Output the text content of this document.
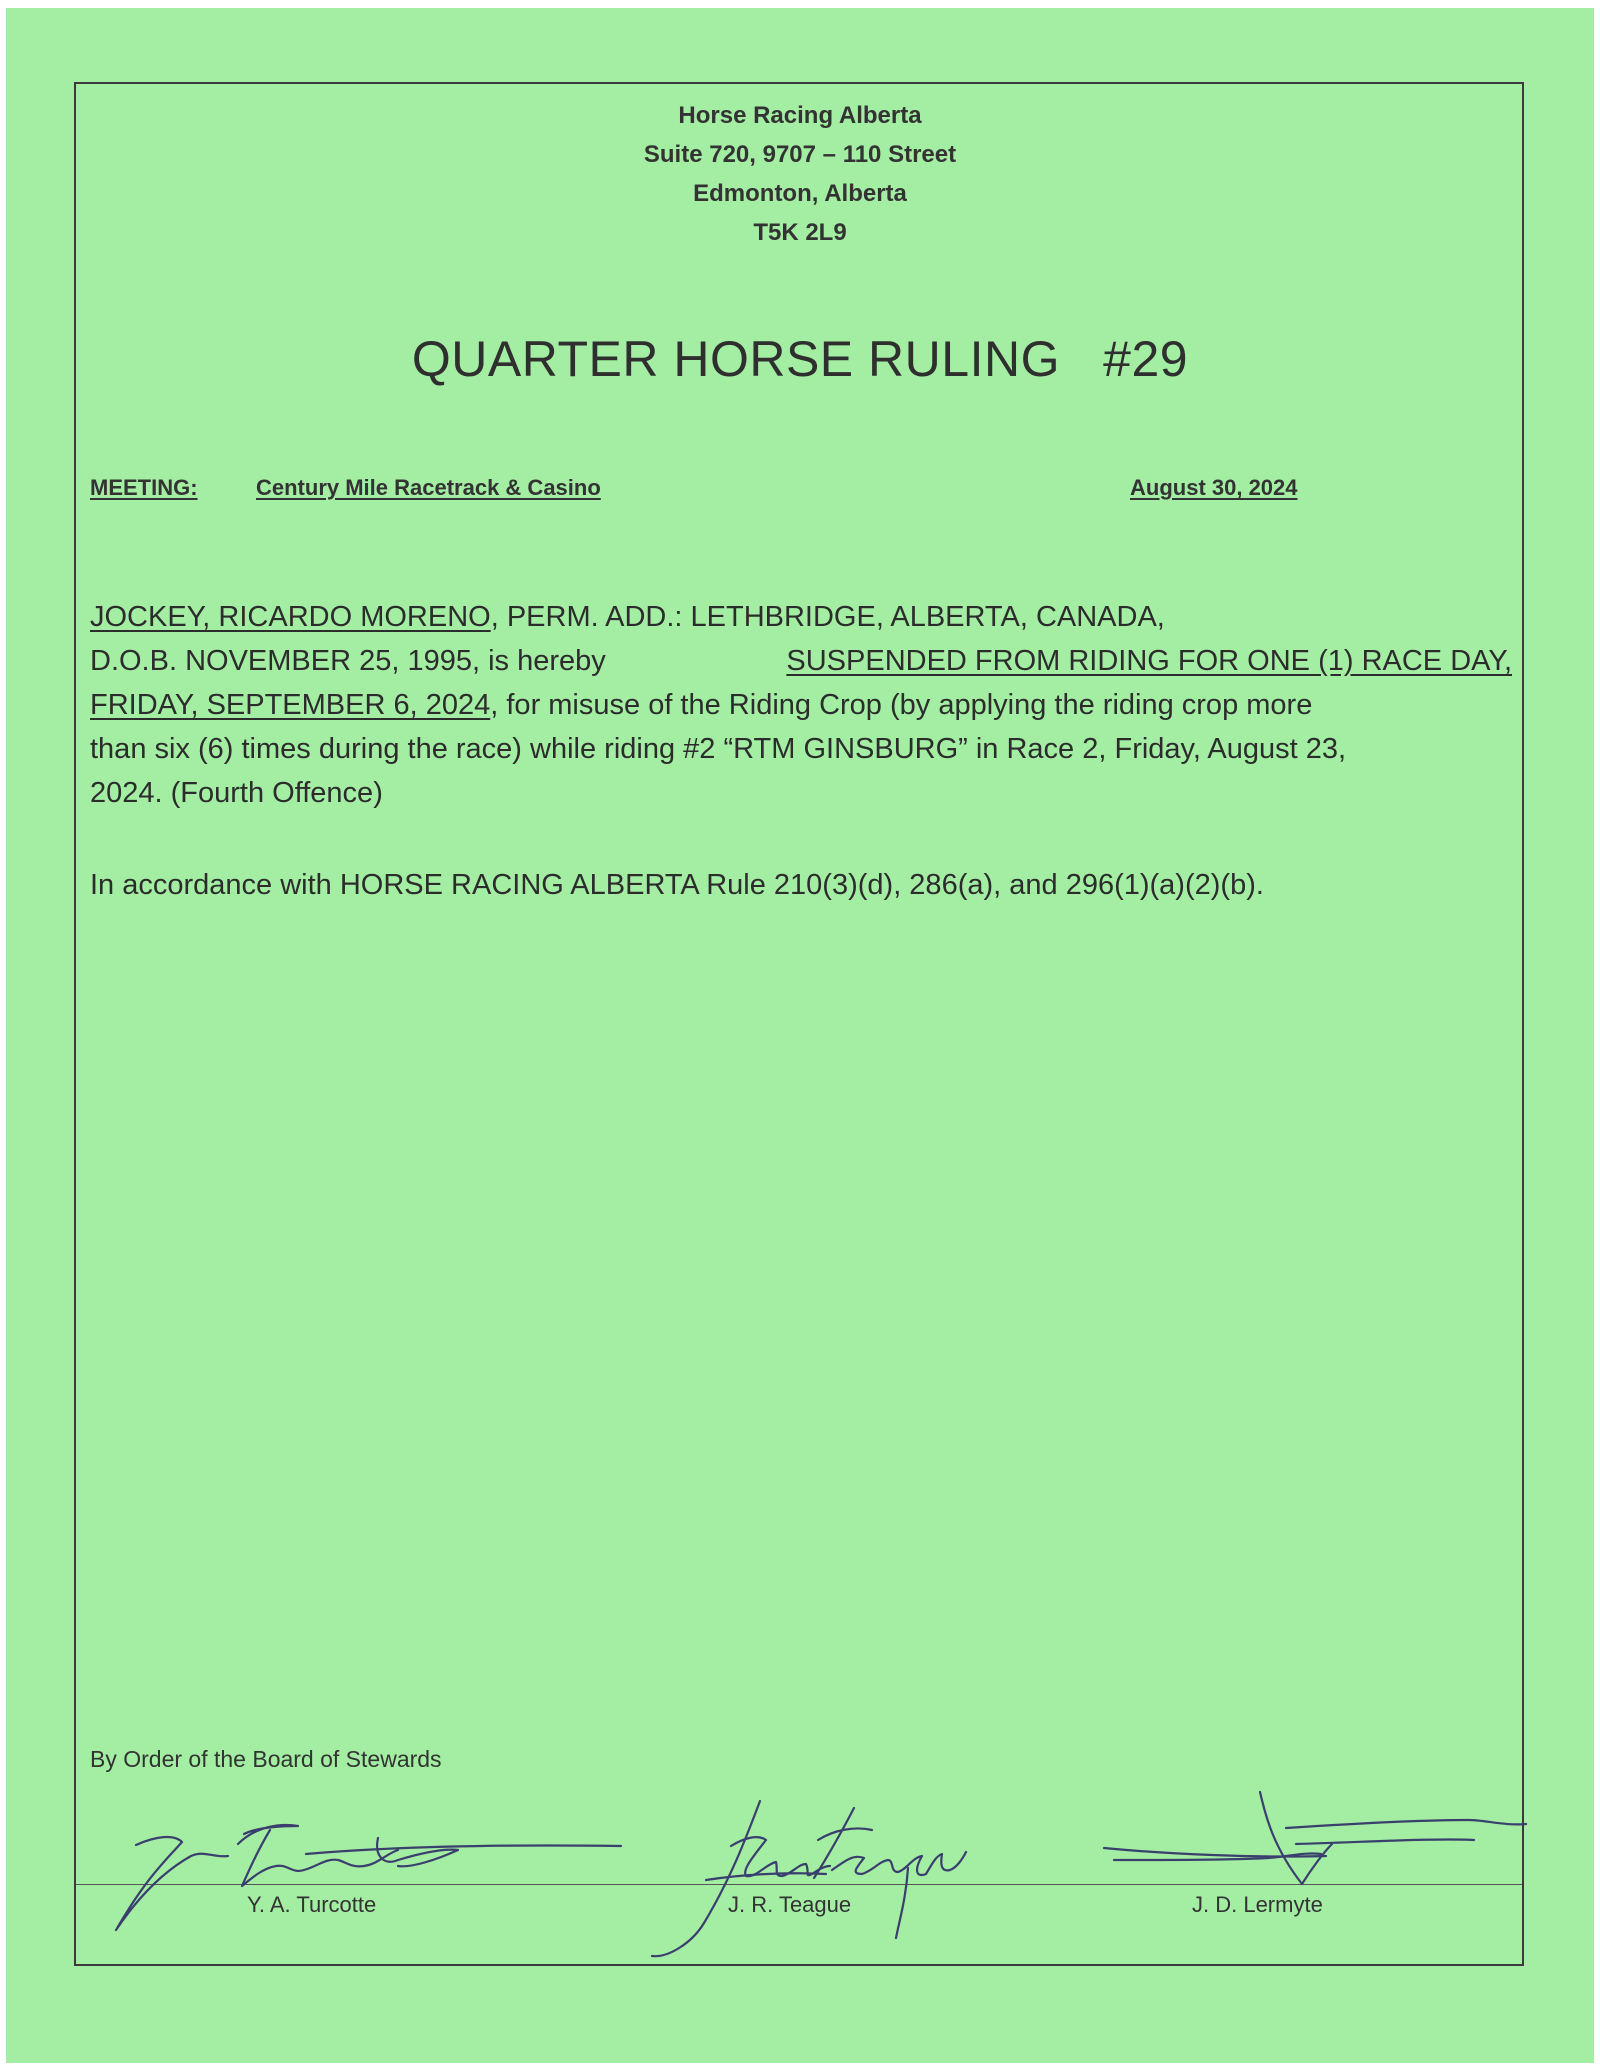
Horse Racing Alberta
Suite 720, 9707 – 110 Street
Edmonton, Alberta
T5K 2L9
QUARTER HORSE RULING   #29
MEETING:	Century Mile Racetrack & Casino	August 30, 2024
JOCKEY, RICARDO MORENO, PERM. ADD.: LETHBRIDGE, ALBERTA, CANADA,
D.O.B. NOVEMBER 25, 1995, is hereby	SUSPENDED FROM RIDING FOR ONE (1) RACE DAY,
FRIDAY, SEPTEMBER 6, 2024, for misuse of the Riding Crop (by applying the riding crop more
than six (6) times during the race) while riding #2 “RTM GINSBURG” in Race 2, Friday, August 23,
2024. (Fourth Offence)
In accordance with HORSE RACING ALBERTA Rule 210(3)(d), 286(a), and 296(1)(a)(2)(b).
By Order of the Board of Stewards
Y. A. Turcotte	J. R. Teague	J. D. Lermyte
